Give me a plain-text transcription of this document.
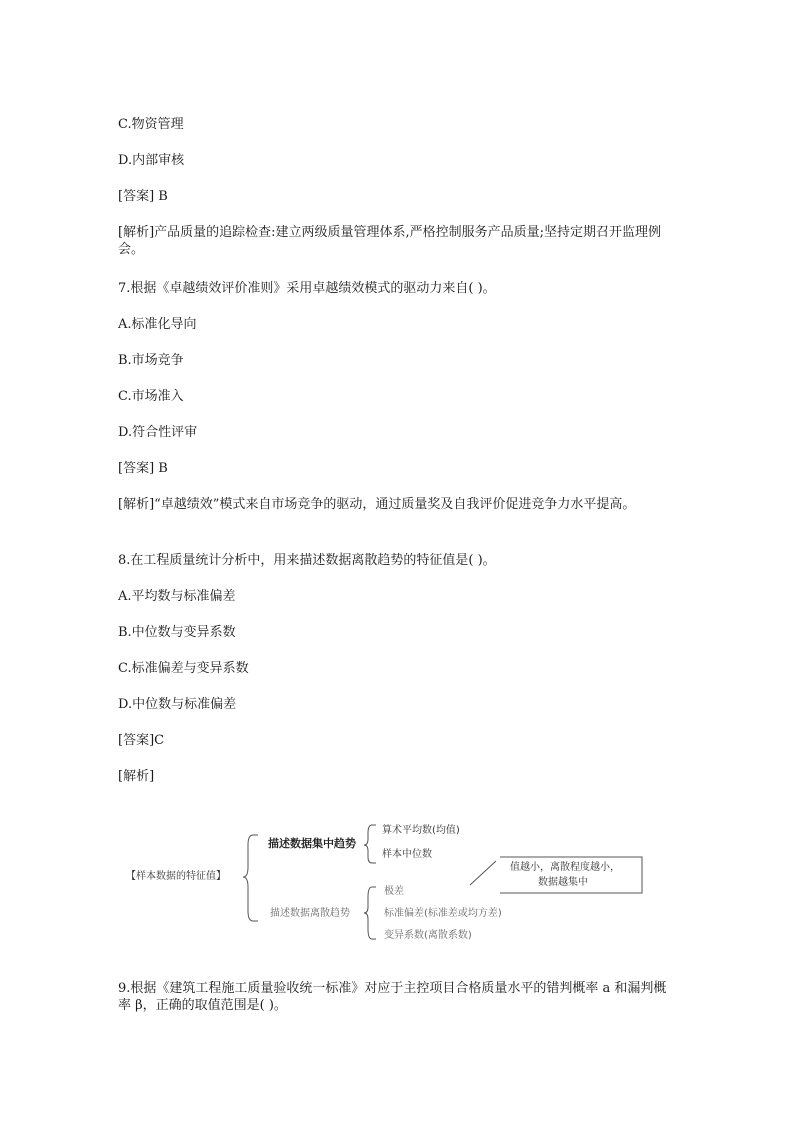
C.物资管理
D.内部审核
[答案] B
[解析]产品质量的追踪检查:建立两级质量管理体系,严格控制服务产品质量;坚持定期召开监理例会。
7.根据《卓越绩效评价准则》采用卓越绩效模式的驱动力来自( )。
A.标准化导向
B.市场竞争
C.市场准入
D.符合性评审
[答案] B
[解析]“卓越绩效”模式来自市场竞争的驱动，通过质量奖及自我评价促进竞争力水平提高。
8.在工程质量统计分析中，用来描述数据离散趋势的特征值是( )。
A.平均数与标准偏差
B.中位数与变异系数
C.标准偏差与变异系数
D.中位数与标准偏差
[答案]C
[解析]
【样本数据的特征值】
描述数据集中趋势
算术平均数(均值)
样本中位数
描述数据离散趋势
极差
标准偏差(标准差或均方差)
变异系数(离散系数)
值越小，离散程度越小，
数据越集中
9.根据《建筑工程施工质量验收统一标准》对应于主控项目合格质量水平的错判概率 a 和漏判概率 β，正确的取值范围是( )。
